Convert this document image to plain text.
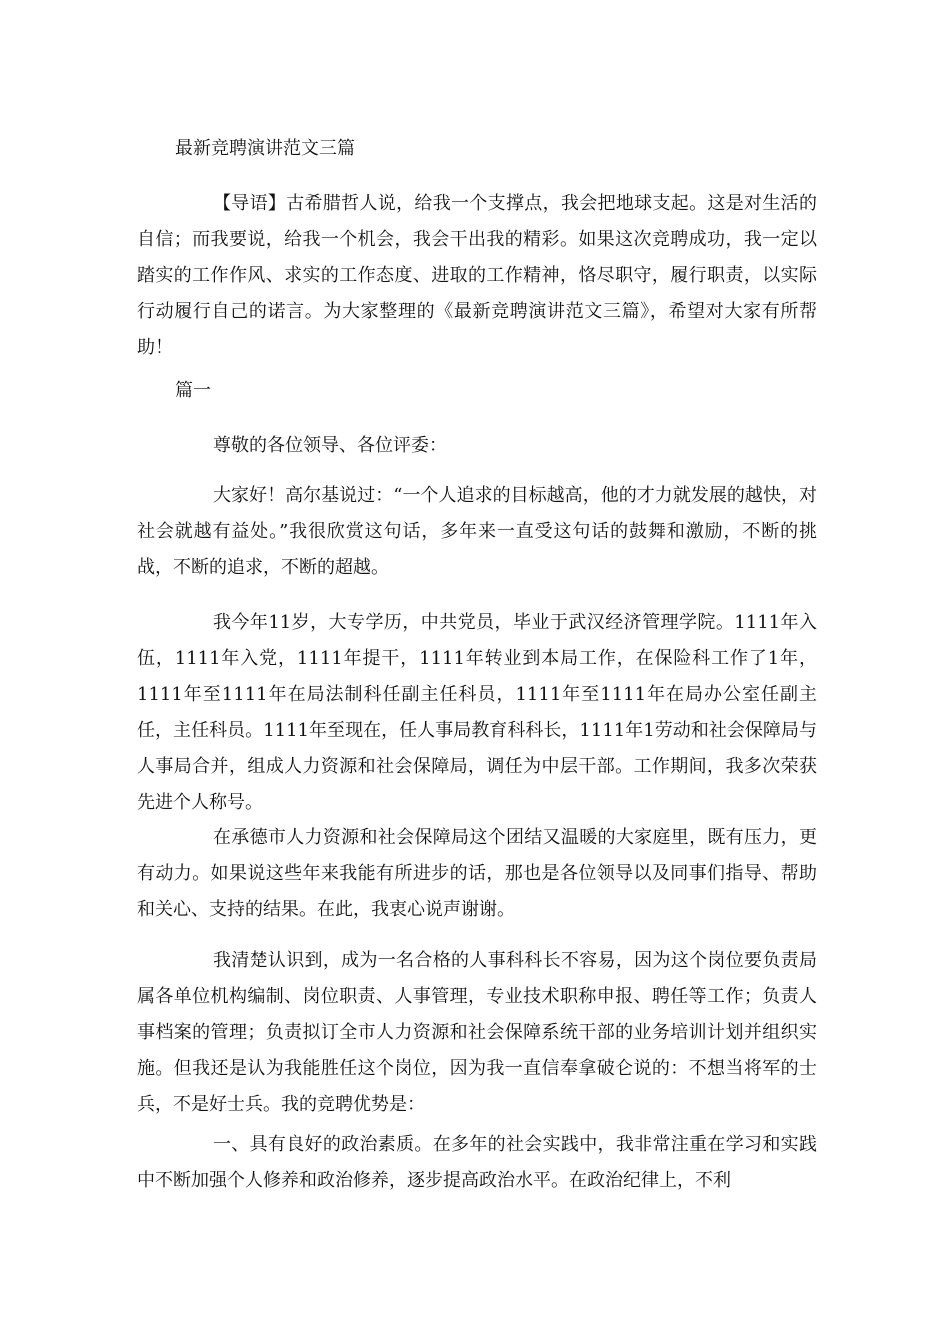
最新竞聘演讲范文三篇

【导语】古希腊哲人说，给我一个支撑点，我会把地球支起。这是对生活的自信；而我要说，给我一个机会，我会干出我的精彩。如果这次竞聘成功，我一定以踏实的工作作风、求实的工作态度、进取的工作精神，恪尽职守，履行职责，以实际行动履行自己的诺言。为大家整理的《最新竞聘演讲范文三篇》，希望对大家有所帮助！

篇一
尊敬的各位领导、各位评委：

大家好！高尔基说过：“一个人追求的目标越高，他的才力就发展的越快，对社会就越有益处。”我很欣赏这句话，多年来一直受这句话的鼓舞和激励，不断的挑战，不断的追求，不断的超越。

我今年11岁，大专学历，中共党员，毕业于武汉经济管理学院。1111年入伍，1111年入党，1111年提干，1111年转业到本局工作，在保险科工作了1年，1111年至1111年在局法制科任副主任科员，1111年至1111年在局办公室任副主任，主任科员。1111年至现在，任人事局教育科科长，1111年1劳动和社会保障局与人事局合并，组成人力资源和社会保障局，调任为中层干部。工作期间，我多次荣获先进个人称号。

在承德市人力资源和社会保障局这个团结又温暖的大家庭里，既有压力，更有动力。如果说这些年来我能有所进步的话，那也是各位领导以及同事们指导、帮助和关心、支持的结果。在此，我衷心说声谢谢。

我清楚认识到，成为一名合格的人事科科长不容易，因为这个岗位要负责局属各单位机构编制、岗位职责、人事管理，专业技术职称申报、聘任等工作；负责人事档案的管理；负责拟订全市人力资源和社会保障系统干部的业务培训计划并组织实施。但我还是认为我能胜任这个岗位，因为我一直信奉拿破仑说的：不想当将军的士兵，不是好士兵。我的竞聘优势是：

一、具有良好的政治素质。在多年的社会实践中，我非常注重在学习和实践中不断加强个人修养和政治修养，逐步提高政治水平。在政治纪律上，不利
